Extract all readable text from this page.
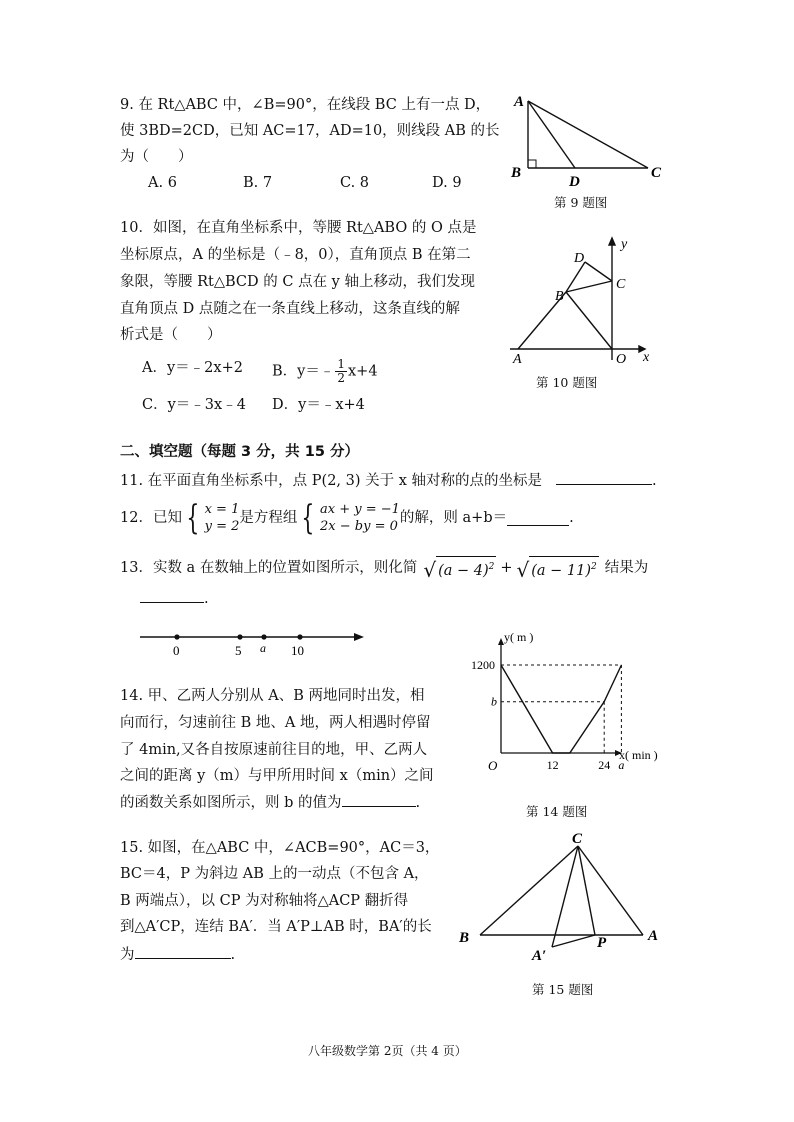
9. 在 Rt△ABC 中，∠B=90°，在线段 BC 上有一点 D，
使 3BD=2CD，已知 AC=17，AD=10，则线段 AB 的长
为（　　）
A. 6	B. 7	C. 8	D. 9
A
B
D
C
第 9 题图
10．如图，在直角坐标系中，等腰 Rt△ABO 的 O 点是
坐标原点，A 的坐标是（﹣8，0），直角顶点 B 在第二
象限，等腰 Rt△BCD 的 C 点在 y 轴上移动，我们发现
直角顶点 D 点随之在一条直线上移动，这条直线的解
析式是（　　）
A．y＝﹣2x+2 B．y＝﹣ $\frac{1}{2} x+4$
C．y＝﹣3x﹣4 D．y＝﹣x+4
D
C
B
A	O x
y
第 10 题图
二、填空题（每题 3 分，共 15 分）
11. 在平面直角坐标系中，点 P(2, 3) 关于 x 轴对称的点的坐标是	.
12．已知 { x = 1
y = 2
是方程组 { ax + y = −1
2x − by = 0
的解，则 a+b＝	.
13．实数 a 在数轴上的位置如图所示，则化简 √ $(a - 4)^2$ + √ $(a - 11)^2$ 结果为
.
0	5 a 10
14. 甲、乙两人分别从 A、B 两地同时出发，相
向而行，匀速前往 B 地、A 地，两人相遇时停留
了 4min,又各自按原速前往目的地，甲、乙两人
之间的距离 y（m）与甲所用时间 x（min）之间
的函数关系如图所示，则 b 的值为	.
y( m )
x( min )
1200
b
12	24 a
O
第 14 题图
15. 如图，在△ABC 中，∠ACB=90°，AC＝3，
BC＝4，P 为斜边 AB 上的一动点（不包含 A，
B 两端点），以 CP 为对称轴将△ACP 翻折得
到△A′CP，连结 BA′．当 A′P⊥AB 时，BA′的长
为	.
C
B	A
P
A′
第 15 题图
八年级数学第 2页（共 4 页）
